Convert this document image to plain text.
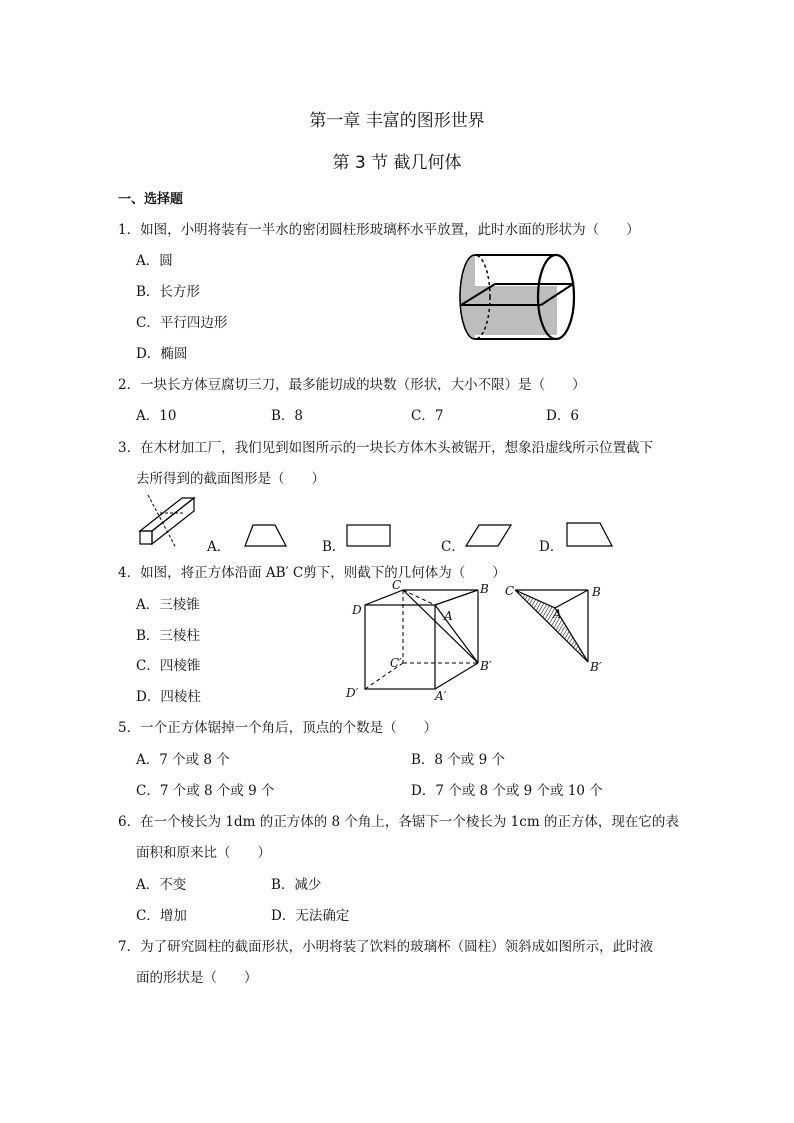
第一章 丰富的图形世界
第 3 节 截几何体
一、选择题
1．如图，小明将装有一半水的密闭圆柱形玻璃杯水平放置，此时水面的形状为（　　）
A．圆
B．长方形
C．平行四边形
D．椭圆
2．一块长方体豆腐切三刀，最多能切成的块数（形状，大小不限）是（　　）
A．10	B．8	C．7	D．6
3．在木材加工厂，我们见到如图所示的一块长方体木头被锯开，想象沿虚线所示位置截下
去所得到的截面图形是（　　）
A．	B．	C．	D．
4．如图，将正方体沿面 AB′ C剪下，则截下的几何体为（　　）
A．三棱锥
B．三棱柱
C．四棱锥
D．四棱柱
C	B
D	A
C′	B′
D′	A′
C	B
A
B′
5．一个正方体锯掉一个角后，顶点的个数是（　　）
A．7 个或 8 个	B．8 个或 9 个
C．7 个或 8 个或 9 个	D．7 个或 8 个或 9 个或 10 个
6．在一个棱长为 1dm 的正方体的 8 个角上，各锯下一个棱长为 1cm 的正方体，现在它的表
面积和原来比（　　）
A．不变	B．减少
C．增加	D．无法确定
7．为了研究圆柱的截面形状，小明将装了饮料的玻璃杯（圆柱）领斜成如图所示，此时液
面的形状是（　　）
